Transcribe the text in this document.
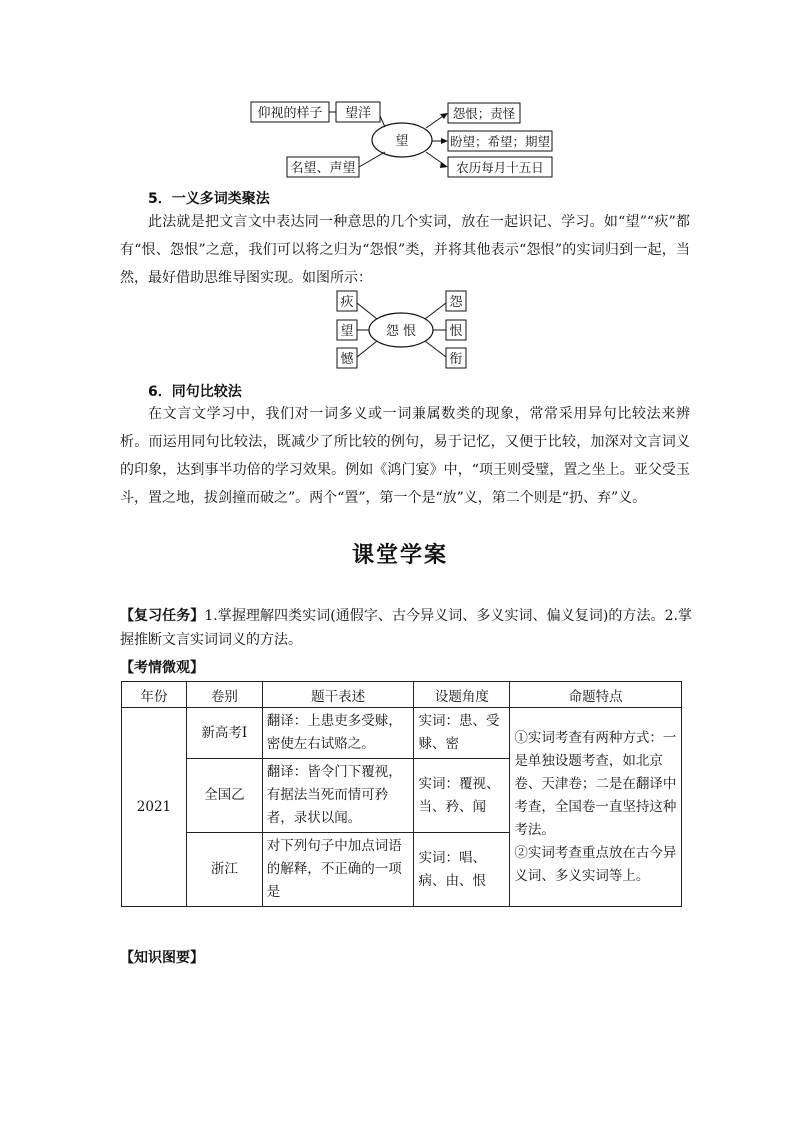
望
仰视的样子 望洋
名望、声望
怨恨；责怪
盼望；希望；期望
农历每月十五日
5．一义多词类聚法

此法就是把文言文中表达同一种意思的几个实词，放在一起识记、学习。如“望”“疢”都有“恨、怨恨”之意，我们可以将之归为“怨恨”类，并将其他表示“怨恨”的实词归到一起，当然，最好借助思维导图实现。如图所示：

怨 恨
疢
望
憾
怨
恨
衔
6．同句比较法

在文言文学习中，我们对一词多义或一词兼属数类的现象，常常采用异句比较法来辨析。而运用同句比较法，既减少了所比较的例句，易于记忆，又便于比较，加深对文言词义的印象，达到事半功倍的学习效果。例如《鸿门宴》中，“项王则受璧，置之坐上。亚父受玉斗，置之地，拔剑撞而破之”。两个“置”，第一个是“放”义，第二个则是“扔、弃”义。

课堂学案

【复习任务】1.掌握理解四类实词(通假字、古今异义词、多义实词、偏义复词)的方法。2.掌握推断文言实词词义的方法。

【考情微观】
年份	卷别	题干表述	设题角度	命题特点
2021	新高考Ⅰ	翻译：上患吏多受赇，密使左右试赂之。	实词：患、受赇、密	①实词考查有两种方式：一是单独设题考查，如北京卷、天津卷；二是在翻译中考查，全国卷一直坚持这种考法。
②实词考查重点放在古今异义词、多义实词等上。

	全国乙	翻译：皆令门下覆视，有据法当死而情可矜者，录状以闻。	实词：覆视、当、矜、闻	
	浙江	对下列句子中加点词语的解释，不正确的一项是	实词：唱、病、由、恨	
【知识图要】
